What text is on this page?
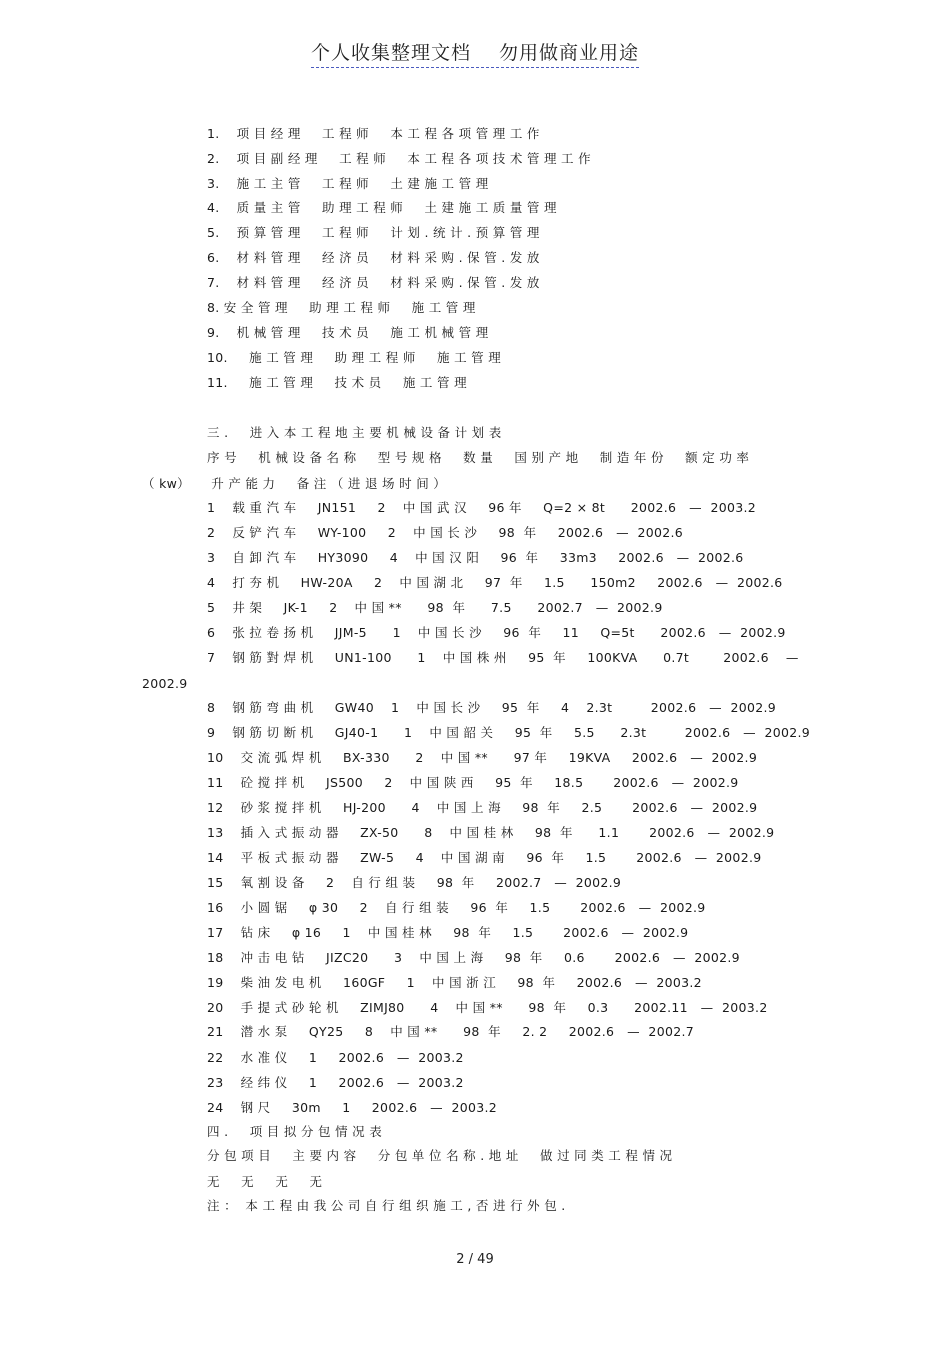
个人收集整理文档 勿用做商业用途
1.    项 目 经 理     工 程 师     本 工 程 各 项 管 理 工 作
2.    项 目 副 经 理     工 程 师     本 工 程 各 项 技 术 管 理 工 作
3.    施 工 主 管     工 程 师     土 建 施 工 管 理
4.    质 量 主 管     助 理 工 程 师     土 建 施 工 质 量 管 理
5.    预 算 管 理     工 程 师     计 划 . 统 计 . 预 算 管 理
6.    材 料 管 理     经 济 员     材 料 采 购 . 保 管 . 发 放
7.    材 料 管 理     经 济 员     材 料 采 购 . 保 管 . 发 放
8. 安 全 管 理     助 理 工 程 师     施 工 管 理
9.    机 械 管 理     技 术 员     施 工 机 械 管 理
10.     施 工 管 理     助 理 工 程 师     施 工 管 理
11.     施 工 管 理     技 术 员     施 工 管 理
三 .     进 入 本 工 程 地 主 要 机 械 设 备 计 划 表
序 号     机 械 设 备 名 称     型 号 规 格     数 量     国 别 产 地     制 造 年 份     额 定 功 率
（ kw）     升 产 能 力     备 注 （ 进 退 场 时 间 ）
1    载 重 汽 车     JN151     2    中 国 武 汉     96 年     Q=2 × 8t      2002.6   —  2003.2
2    反 铲 汽 车     WY-100     2    中 国 长 沙     98  年     2002.6   —  2002.6
3    自 卸 汽 车     HY3090     4    中 国 汉 阳     96  年     33m3     2002.6   —  2002.6
4    打 夯 机     HW-20A     2    中 国 湖 北     97  年     1.5      150m2     2002.6   —  2002.6
5    井 架     JK-1     2    中 国 **      98  年      7.5      2002.7   —  2002.9
6    张 拉 卷 扬 机     JJM-5      1    中 国 长 沙     96  年     11     Q=5t      2002.6   —  2002.9
7    钢 筋 對 焊 机     UN1-100      1    中 国 株 州     95  年     100KVA      0.7t        2002.6    —
2002.9
8    钢 筋 弯 曲 机     GW40    1    中 国 长 沙     95  年     4    2.3t         2002.6   —  2002.9
9    钢 筋 切 断 机     GJ40-1      1    中 国 韶 关     95  年     5.5      2.3t         2002.6   —  2002.9
10    交 流 弧 焊 机     BX-330      2    中 国 **      97 年     19KVA     2002.6   —  2002.9
11    砼 搅 拌 机     JS500     2    中 国 陕 西     95  年     18.5       2002.6   —  2002.9
12    砂 浆 搅 拌 机     HJ-200      4    中 国 上 海     98  年     2.5       2002.6   —  2002.9
13    插 入 式 振 动 器     ZX-50      8    中 国 桂 林     98  年      1.1       2002.6   —  2002.9
14    平 板 式 振 动 器     ZW-5     4    中 国 湖 南     96  年     1.5       2002.6   —  2002.9
15    氧 割 设 备     2    自 行 组 装     98  年     2002.7   —  2002.9
16    小 圆 锯     φ 30     2    自 行 组 装     96  年     1.5       2002.6   —  2002.9
17    钻 床     φ 16     1    中 国 桂 林     98  年     1.5       2002.6   —  2002.9
18    冲 击 电 钻     JIZC20      3    中 国 上 海     98  年     0.6       2002.6   —  2002.9
19    柴 油 发 电 机     160GF     1    中 国 浙 江     98  年     2002.6   —  2003.2
20    手 提 式 砂 轮 机     ZIMJ80      4    中 国 **      98  年     0.3      2002.11   —  2003.2
21    潜 水 泵     QY25     8    中 国 **      98  年     2. 2     2002.6   —  2002.7
22    水 准 仪     1     2002.6   —  2003.2
23    经 纬 仪     1     2002.6   —  2003.2
24    钢 尺     30m     1     2002.6   —  2003.2
四 .     项 目 拟 分 包 情 况 表
分 包 项 目     主 要 内 容     分 包 单 位 名 称 . 地 址     做 过 同 类 工 程 情 况
无     无     无     无
注 ：  本 工 程 由 我 公 司 自 行 组 织 施 工 , 否 进 行 外 包 .
2 / 49
